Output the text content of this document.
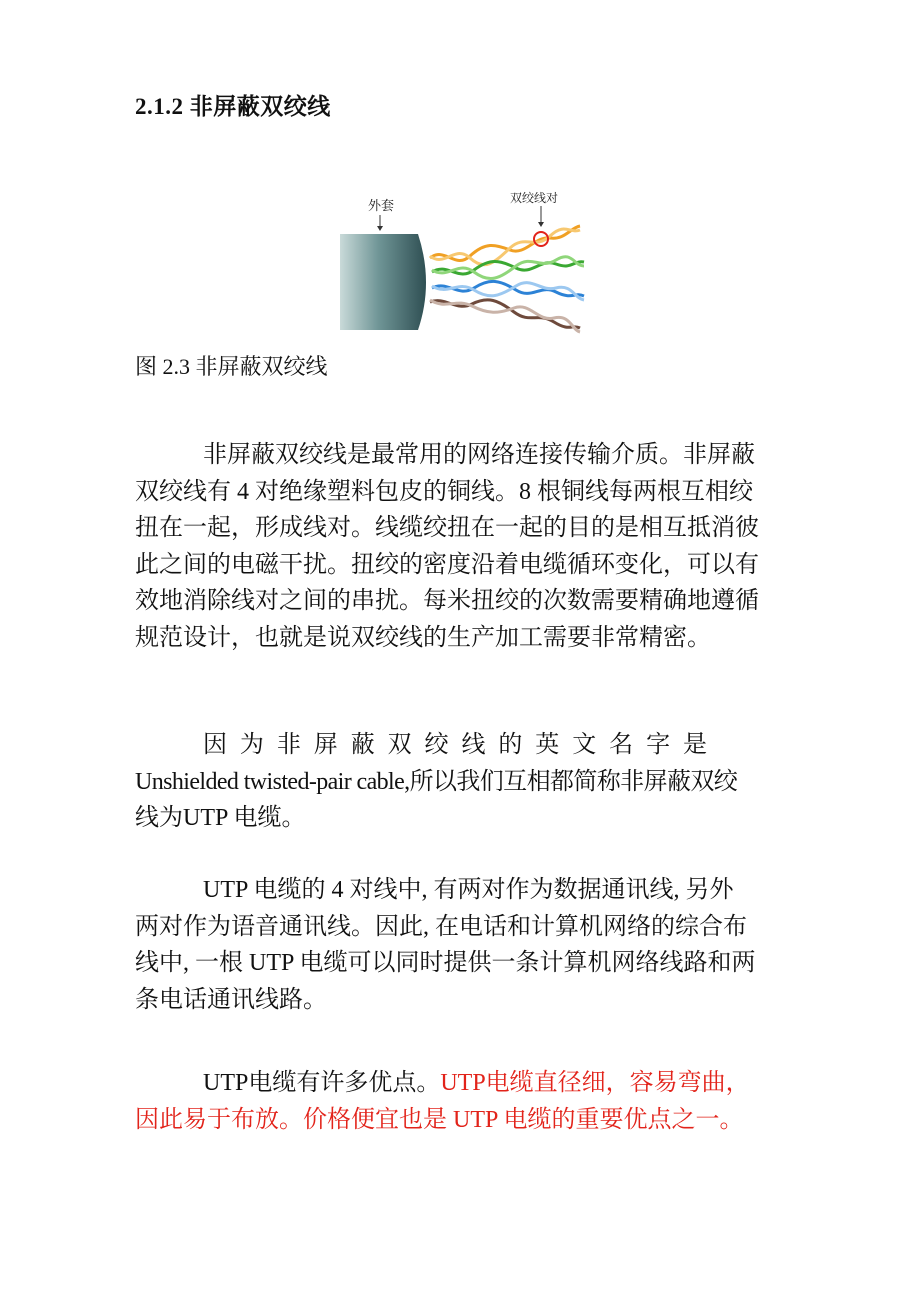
2.1.2 非屏蔽双绞线
外套
双绞线对
图 2.3 非屏蔽双绞线

非屏蔽双绞线是最常用的网络连接传输介质。非屏蔽
双绞线有 4 对绝缘塑料包皮的铜线。8 根铜线每两根互相绞
扭在一起，形成线对。线缆绞扭在一起的目的是相互抵消彼
此之间的电磁干扰。扭绞的密度沿着电缆循环变化，可以有
效地消除线对之间的串扰。每米扭绞的次数需要精确地遵循
规范设计，也就是说双绞线的生产加工需要非常精密。

因 为 非 屏 蔽 双 绞 线 的 英 文 名 字 是
Unshielded twisted-pair cable,所以我们互相都简称非屏蔽双绞
线为UTP 电缆。

UTP 电缆的 4 对线中, 有两对作为数据通讯线, 另外
两对作为语音通讯线。因此, 在电话和计算机网络的综合布
线中, 一根 UTP 电缆可以同时提供一条计算机网络线路和两
条电话通讯线路。

UTP电缆有许多优点。UTP电缆直径细，容易弯曲，
因此易于布放。价格便宜也是 UTP 电缆的重要优点之一。
